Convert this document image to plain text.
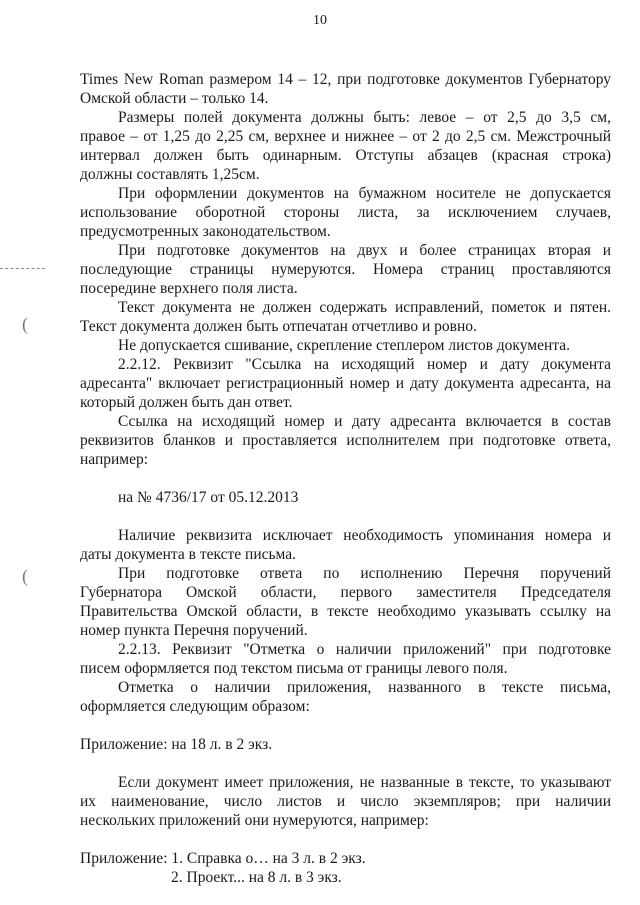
10
Times New Roman размером 14 – 12, при подготовке документов Губернатору
Омской области – только 14.
Размеры полей документа должны быть: левое – от 2,5 до 3,5 см,
правое – от 1,25 до 2,25 см, верхнее и нижнее – от 2 до 2,5 см. Межстрочный
интервал должен быть одинарным. Отступы абзацев (красная строка)
должны составлять 1,25см.
При оформлении документов на бумажном носителе не допускается
использование оборотной стороны листа, за исключением случаев,
предусмотренных законодательством.
При подготовке документов на двух и более страницах вторая и
последующие страницы нумеруются. Номера страниц проставляются
посередине верхнего поля листа.
Текст документа не должен содержать исправлений, пометок и пятен.
Текст документа должен быть отпечатан отчетливо и ровно.
Не допускается сшивание, скрепление степлером листов документа.
2.2.12. Реквизит "Ссылка на исходящий номер и дату документа
адресанта" включает регистрационный номер и дату документа адресанта, на
который должен быть дан ответ.
Ссылка на исходящий номер и дату адресанта включается в состав
реквизитов бланков и проставляется исполнителем при подготовке ответа,
например:
на № 4736/17 от 05.12.2013
Наличие реквизита исключает необходимость упоминания номера и
даты документа в тексте письма.
При подготовке ответа по исполнению Перечня поручений
Губернатора Омской области, первого заместителя Председателя
Правительства Омской области, в тексте необходимо указывать ссылку на
номер пункта Перечня поручений.
2.2.13. Реквизит "Отметка о наличии приложений" при подготовке
писем оформляется под текстом письма от границы левого поля.
Отметка о наличии приложения, названного в тексте письма,
оформляется следующим образом:
Приложение: на 18 л. в 2 экз.
Если документ имеет приложения, не названные в тексте, то указывают
их наименование, число листов и число экземпляров; при наличии
нескольких приложений они нумеруются, например:
Приложение: 1. Справка о… на 3 л. в 2 экз.
2. Проект... на 8 л. в 3 экз.
(
(
